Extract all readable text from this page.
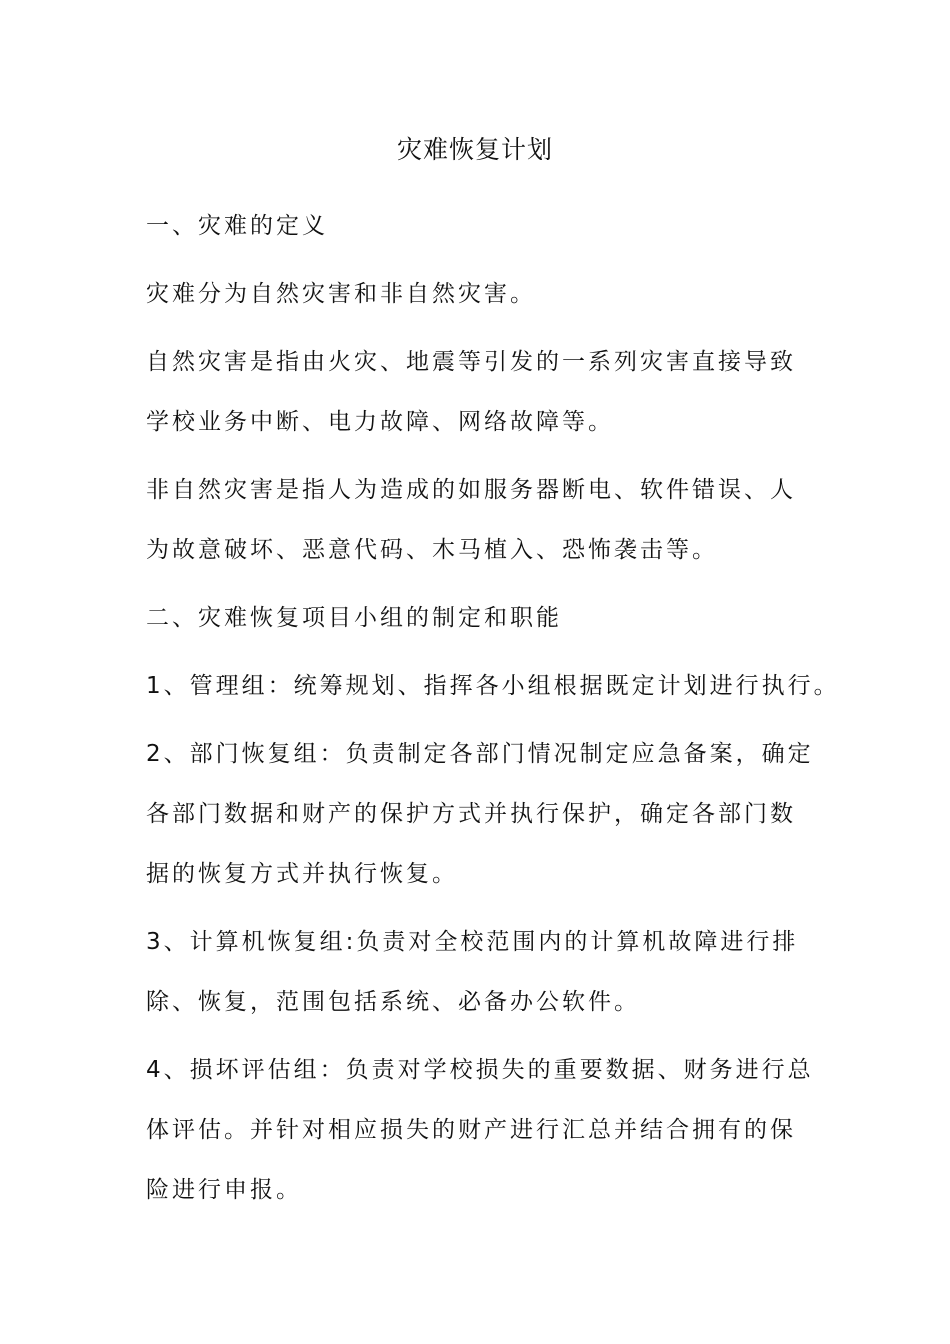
灾难恢复计划

一、灾难的定义

灾难分为自然灾害和非自然灾害。

自然灾害是指由火灾、地震等引发的一系列灾害直接导致
学校业务中断、电力故障、网络故障等。

非自然灾害是指人为造成的如服务器断电、软件错误、人
为故意破坏、恶意代码、木马植入、恐怖袭击等。

二、灾难恢复项目小组的制定和职能

1、管理组：统筹规划、指挥各小组根据既定计划进行执行。

2、部门恢复组：负责制定各部门情况制定应急备案，确定
各部门数据和财产的保护方式并执行保护，确定各部门数
据的恢复方式并执行恢复。

3、计算机恢复组:负责对全校范围内的计算机故障进行排
除、恢复，范围包括系统、必备办公软件。

4、损坏评估组：负责对学校损失的重要数据、财务进行总
体评估。并针对相应损失的财产进行汇总并结合拥有的保
险进行申报。
